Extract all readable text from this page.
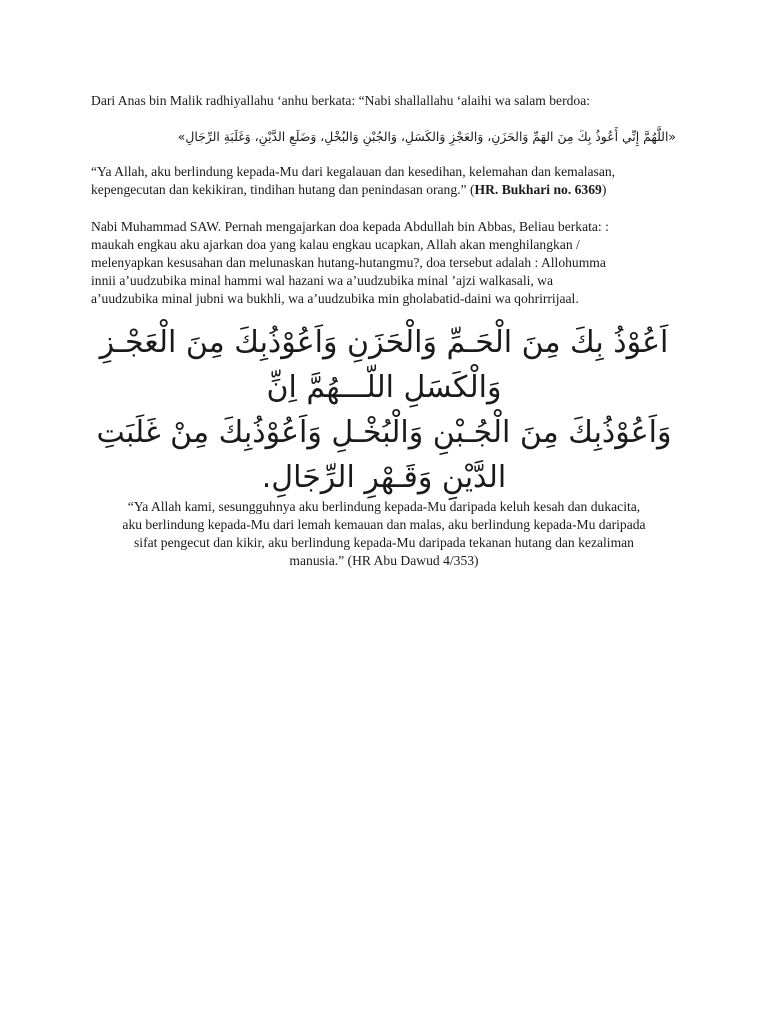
Dari Anas bin Malik radhiyallahu ‘anhu berkata: “Nabi shallallahu ‘alaihi wa salam berdoa:
«اللَّهُمَّ إِنِّي أَعُوذُ بِكَ مِنَ الهَمِّ وَالحَزَنِ، وَالعَجْزِ وَالكَسَلِ، وَالجُبْنِ وَالبُخْلِ، وَضَلَعِ الدَّيْنِ، وَغَلَبَةِ الرِّجَالِ»
“Ya Allah, aku berlindung kepada-Mu dari kegalauan dan kesedihan, kelemahan dan kemalasan,
kepengecutan dan kekikiran, tindihan hutang dan penindasan orang.” (HR. Bukhari no. 6369)
Nabi Muhammad SAW. Pernah mengajarkan doa kepada Abdullah bin Abbas, Beliau berkata: :
maukah engkau aku ajarkan doa yang kalau engkau ucapkan, Allah akan menghilangkan /
melenyapkan kesusahan dan melunaskan hutang-hutangmu?, doa tersebut adalah : Allohumma
innii a’uudzubika minal hammi wal hazani wa a’uudzubika minal ’ajzi walkasali, wa
a’uudzubika minal jubni wa bukhli, wa a’uudzubika min gholabatid-daini wa qohrirrijaal.
اَعُوْذُ بِكَ مِنَ الْحَـمِّ وَالْحَزَنِ وَاَعُوْذُبِكَ مِنَ الْعَجْـزِ
وَالْكَسَلِ اللّـــهُمَّ اِنِّ
وَاَعُوْذُبِكَ مِنَ الْجُـبْنِ وَالْبُخْـلِ وَاَعُوْذُبِكَ مِنْ غَلَبَتِ
الدَّيْنِ وَقَـهْرِ الرِّجَالِ.
“Ya Allah kami, sesungguhnya aku berlindung kepada-Mu daripada keluh kesah dan dukacita,
aku berlindung kepada-Mu dari lemah kemauan dan malas, aku berlindung kepada-Mu daripada
sifat pengecut dan kikir, aku berlindung kepada-Mu daripada tekanan hutang dan kezaliman
manusia.” (HR Abu Dawud 4/353)
